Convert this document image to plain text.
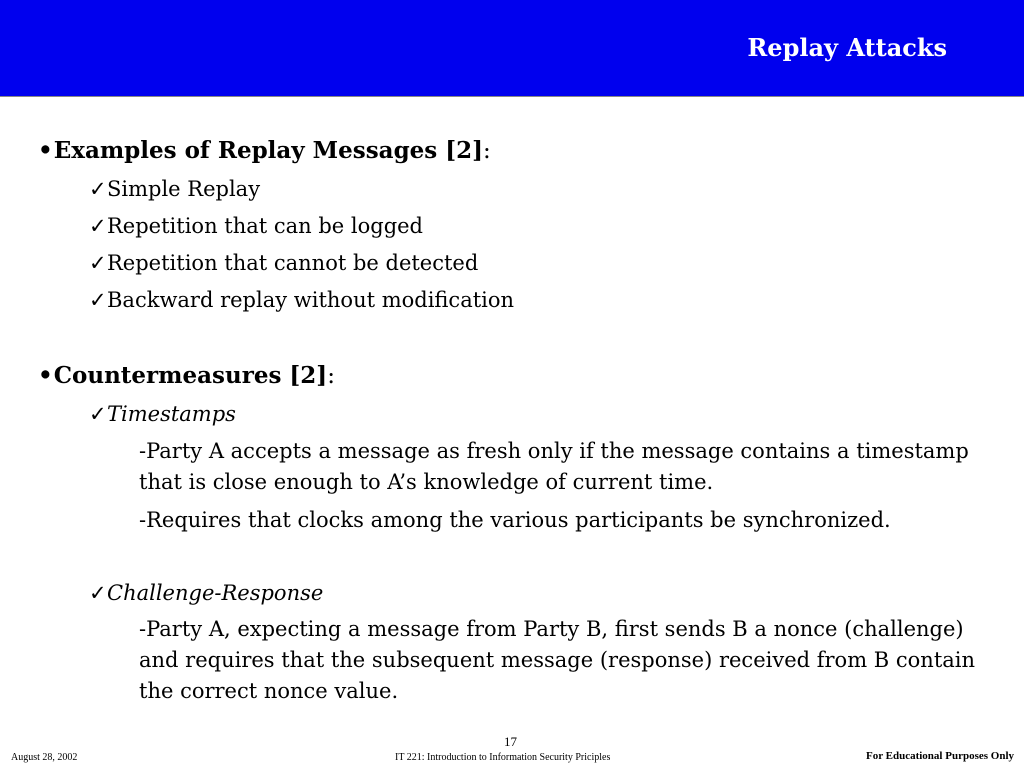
Replay Attacks
•Examples of Replay Messages [2]:
✓Simple Replay
✓Repetition that can be logged
✓Repetition that cannot be detected
✓Backward replay without modification
•Countermeasures [2]:
✓Timestamps
-Party A accepts a message as fresh only if the message contains a timestamp that is close enough to A’s knowledge of current time.
-Requires that clocks among the various participants be synchronized.
✓Challenge-Response
-Party A, expecting a message from Party B, first sends B a nonce (challenge) and requires that the subsequent message (response) received from B contain the correct nonce value.
August 28, 2002
17
IT 221: Introduction to Information Security Priciples	For Educational Purposes Only
